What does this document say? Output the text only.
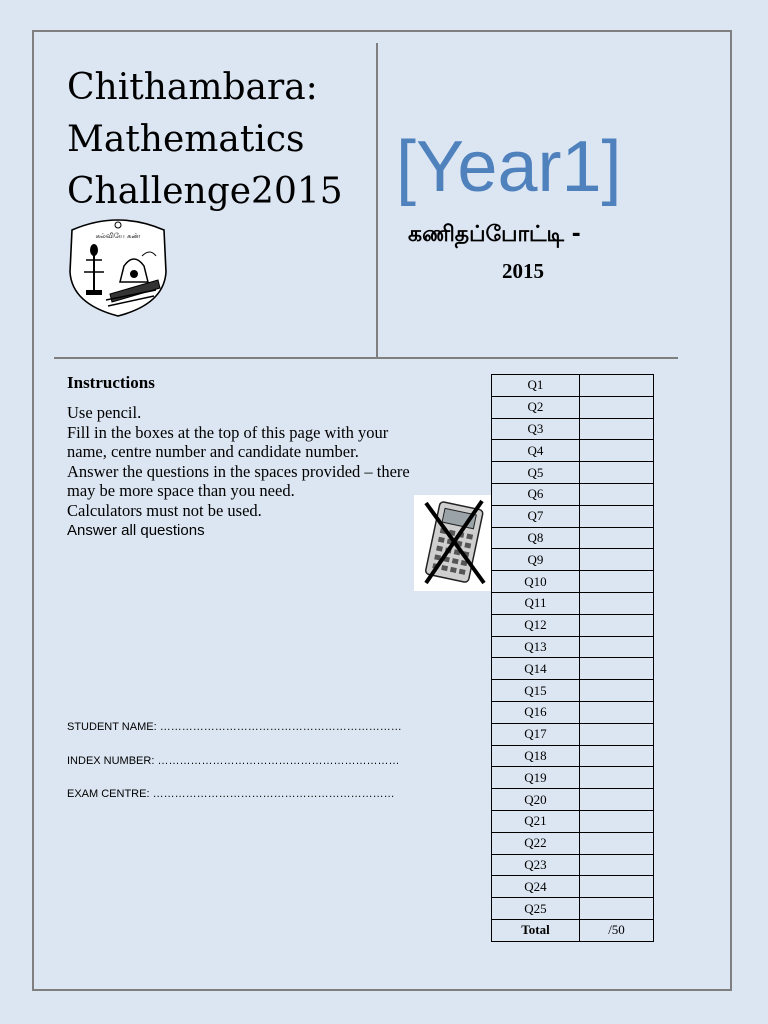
Chithambara:
Mathematics
Challenge2015
கல்வியே கண்
[Year1]
கணிதப்போட்டி -
2015
Instructions
Use pencil.
Fill in the boxes at the top of this page with your
name, centre number and candidate number.
Answer the questions in the spaces provided – there
may be more space than you need.
Calculators must not be used.
Answer all questions
STUDENT NAME: …………………………………………………………
INDEX NUMBER: …………………………………………………………
EXAM CENTRE: …………………………………………………………
Q1	
Q2	
Q3	
Q4	
Q5	
Q6	
Q7	
Q8	
Q9	
Q10	
Q11	
Q12	
Q13	
Q14	
Q15	
Q16	
Q17	
Q18	
Q19	
Q20	
Q21	
Q22	
Q23	
Q24	
Q25	
Total	/50
